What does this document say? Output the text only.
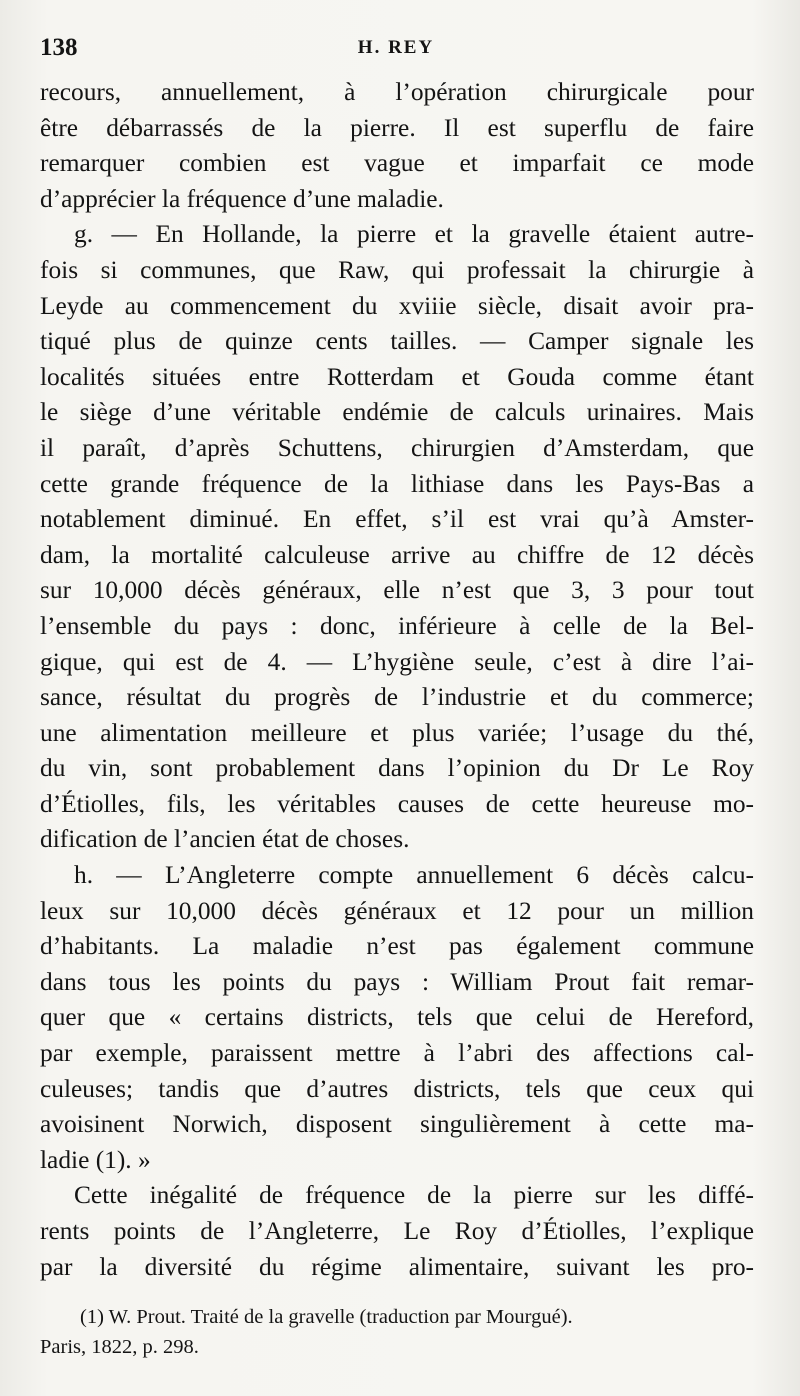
138	H. REY
recours, annuellement, à l’opération chirurgicale pour
être débarrassés de la pierre. Il est superflu de faire
remarquer combien est vague et imparfait ce mode
d’apprécier la fréquence d’une maladie.
g. — En Hollande, la pierre et la gravelle étaient autre-
fois si communes, que Raw, qui professait la chirurgie à
Leyde au commencement du xviiie siècle, disait avoir pra-
tiqué plus de quinze cents tailles. — Camper signale les
localités situées entre Rotterdam et Gouda comme étant
le siège d’une véritable endémie de calculs urinaires. Mais
il paraît, d’après Schuttens, chirurgien d’Amsterdam, que
cette grande fréquence de la lithiase dans les Pays-Bas a
notablement diminué. En effet, s’il est vrai qu’à Amster-
dam, la mortalité calculeuse arrive au chiffre de 12 décès
sur 10,000 décès généraux, elle n’est que 3, 3 pour tout
l’ensemble du pays : donc, inférieure à celle de la Bel-
gique, qui est de 4. — L’hygiène seule, c’est à dire l’ai-
sance, résultat du progrès de l’industrie et du commerce;
une alimentation meilleure et plus variée; l’usage du thé,
du vin, sont probablement dans l’opinion du Dr Le Roy
d’Étiolles, fils, les véritables causes de cette heureuse mo-
dification de l’ancien état de choses.
h. — L’Angleterre compte annuellement 6 décès calcu-
leux sur 10,000 décès généraux et 12 pour un million
d’habitants. La maladie n’est pas également commune
dans tous les points du pays : William Prout fait remar-
quer que « certains districts, tels que celui de Hereford,
par exemple, paraissent mettre à l’abri des affections cal-
culeuses; tandis que d’autres districts, tels que ceux qui
avoisinent Norwich, disposent singulièrement à cette ma-
ladie (1). »
Cette inégalité de fréquence de la pierre sur les diffé-
rents points de l’Angleterre, Le Roy d’Étiolles, l’explique
par la diversité du régime alimentaire, suivant les pro-
(1) W. Prout. Traité de la gravelle (traduction par Mourgué).
Paris, 1822, p. 298.
